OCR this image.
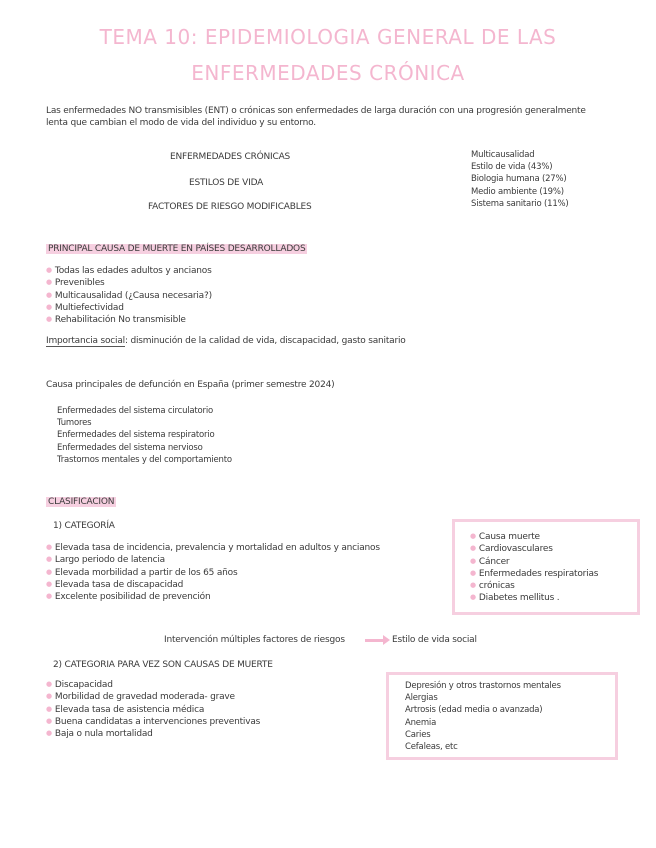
TEMA 10: EPIDEMIOLOGIA GENERAL DE LAS
ENFERMEDADES CRÓNICA
Las enfermedades NO transmisibles (ENT) o crónicas son enfermedades de larga duración con una progresión generalmente
lenta que cambian el modo de vida del individuo y su entorno.
ENFERMEDADES CRÓNICAS
ESTILOS DE VIDA
FACTORES DE RIESGO MODIFICABLES
Multicausalidad
Estilo de vida (43%)
Biologia humana (27%)
Medio ambiente (19%)
Sistema sanitario (11%)
PRINCIPAL CAUSA DE MUERTE EN PAÍSES DESARROLLADOS
● Todas las edades adultos y ancianos
● Prevenibles
● Multicausalidad (¿Causa necesaria?)
● Multiefectividad
● Rehabilitación No transmisible
Importancia social: disminución de la calidad de vida, discapacidad, gasto sanitario
Causa principales de defunción en España (primer semestre 2024)
Enfermedades del sistema circulatorio
Tumores
Enfermedades del sistema respiratorio
Enfermedades del sistema nervioso
Trastornos mentales y del comportamiento
CLASIFICACION
1) CATEGORÍA
● Elevada tasa de incidencia, prevalencia y mortalidad en adultos y ancianos
● Largo periodo de latencia
● Elevada morbilidad a partir de los 65 años
● Elevada tasa de discapacidad
● Excelente posibilidad de prevención
● Causa muerte
● Cardiovasculares
● Cáncer
● Enfermedades respiratorias
● crónicas
● Diabetes mellitus .
Intervención múltiples factores de riesgos	Estilo de vida social
2) CATEGORIA PARA VEZ SON CAUSAS DE MUERTE
● Discapacidad
● Morbilidad de gravedad moderada- grave
● Elevada tasa de asistencia médica
● Buena candidatas a intervenciones preventivas
● Baja o nula mortalidad
Depresión y otros trastornos mentales
Alergias
Artrosis (edad media o avanzada)
Anemia
Caries
Cefaleas, etc
